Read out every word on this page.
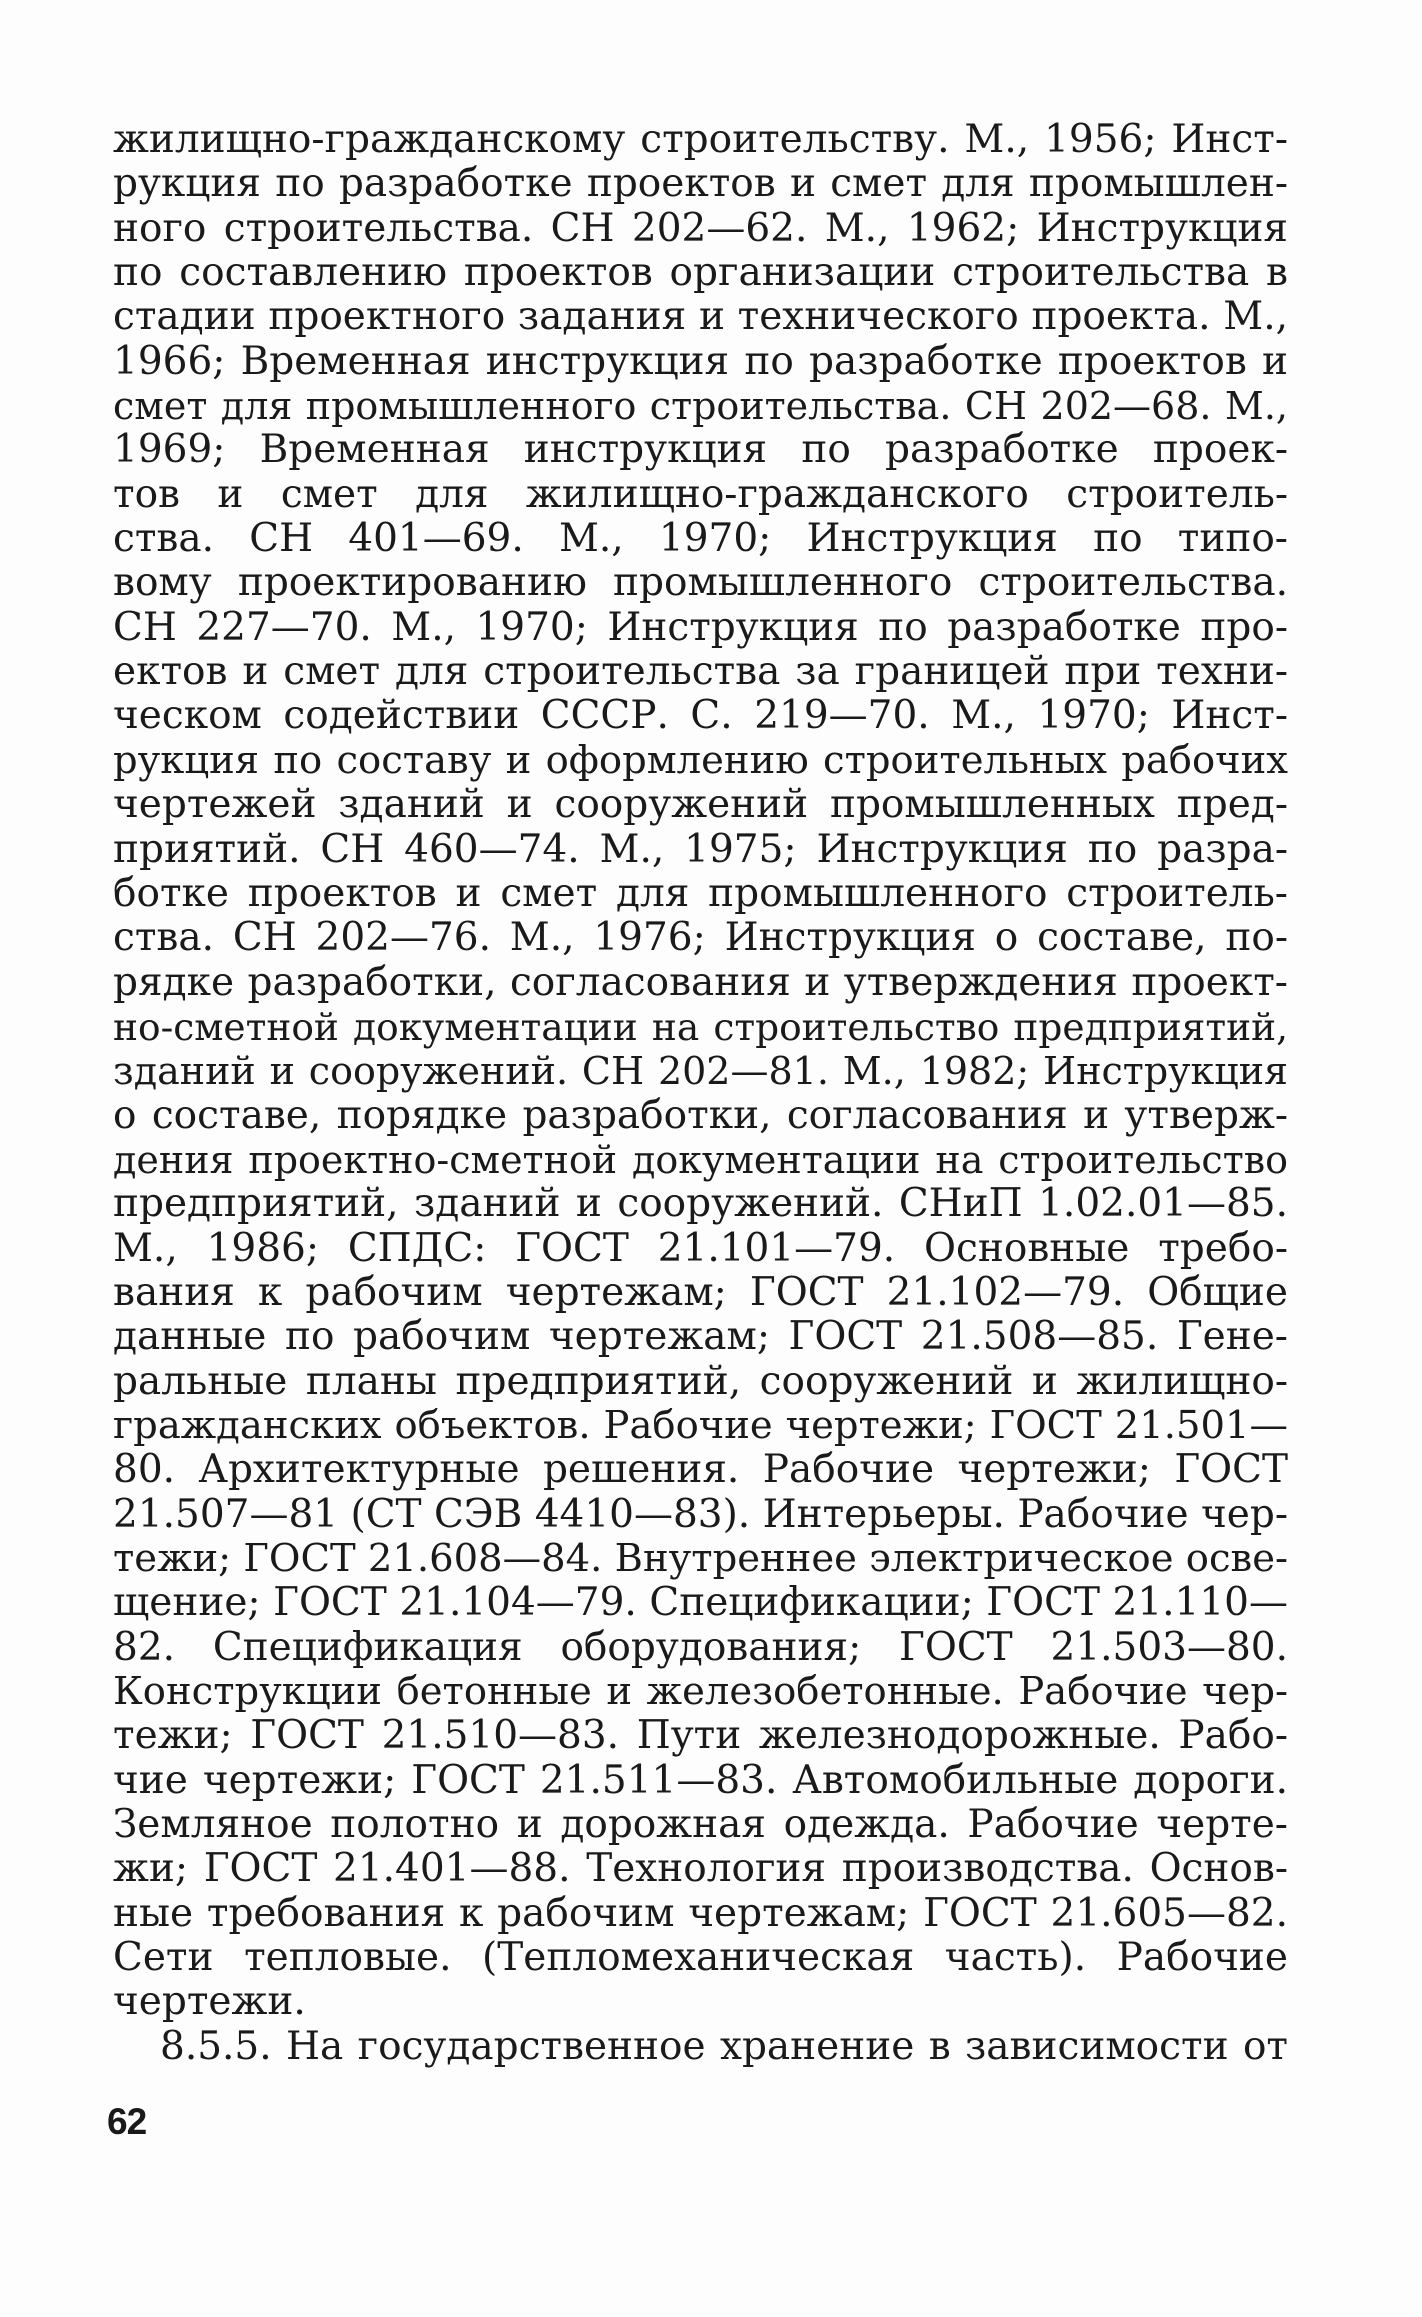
жилищно-гражданскому строительству. М., 1956; Инст-
рукция по разработке проектов и смет для промышлен-
ного строительства. СН 202—62. М., 1962; Инструкция
по составлению проектов организации строительства в
стадии проектного задания и технического проекта. М.,
1966; Временная инструкция по разработке проектов и
смет для промышленного строительства. СН 202—68. М.,
1969; Временная инструкция по разработке проек-
тов и смет для жилищно-гражданского строитель-
ства. СН 401—69. М., 1970; Инструкция по типо-
вому проектированию промышленного строительства.
СН 227—70. М., 1970; Инструкция по разработке про-
ектов и смет для строительства за границей при техни-
ческом содействии СССР. С. 219—70. М., 1970; Инст-
рукция по составу и оформлению строительных рабочих
чертежей зданий и сооружений промышленных пред-
приятий. СН 460—74. М., 1975; Инструкция по разра-
ботке проектов и смет для промышленного строитель-
ства. СН 202—76. М., 1976; Инструкция о составе, по-
рядке разработки, согласования и утверждения проект-
но-сметной документации на строительство предприятий,
зданий и сооружений. СН 202—81. М., 1982; Инструкция
о составе, порядке разработки, согласования и утверж-
дения проектно-сметной документации на строительство
предприятий, зданий и сооружений. СНиП 1.02.01—85.
М., 1986; СПДС: ГОСТ 21.101—79. Основные требо-
вания к рабочим чертежам; ГОСТ 21.102—79. Общие
данные по рабочим чертежам; ГОСТ 21.508—85. Гене-
ральные планы предприятий, сооружений и жилищно-
гражданских объектов. Рабочие чертежи; ГОСТ 21.501—
80. Архитектурные решения. Рабочие чертежи; ГОСТ
21.507—81 (СТ СЭВ 4410—83). Интерьеры. Рабочие чер-
тежи; ГОСТ 21.608—84. Внутреннее электрическое осве-
щение; ГОСТ 21.104—79. Спецификации; ГОСТ 21.110—
82. Спецификация оборудования; ГОСТ 21.503—80.
Конструкции бетонные и железобетонные. Рабочие чер-
тежи; ГОСТ 21.510—83. Пути железнодорожные. Рабо-
чие чертежи; ГОСТ 21.511—83. Автомобильные дороги.
Земляное полотно и дорожная одежда. Рабочие черте-
жи; ГОСТ 21.401—88. Технология производства. Основ-
ные требования к рабочим чертежам; ГОСТ 21.605—82.
Сети тепловые. (Тепломеханическая часть). Рабочие
чертежи.
8.5.5. На государственное хранение в зависимости от
62
